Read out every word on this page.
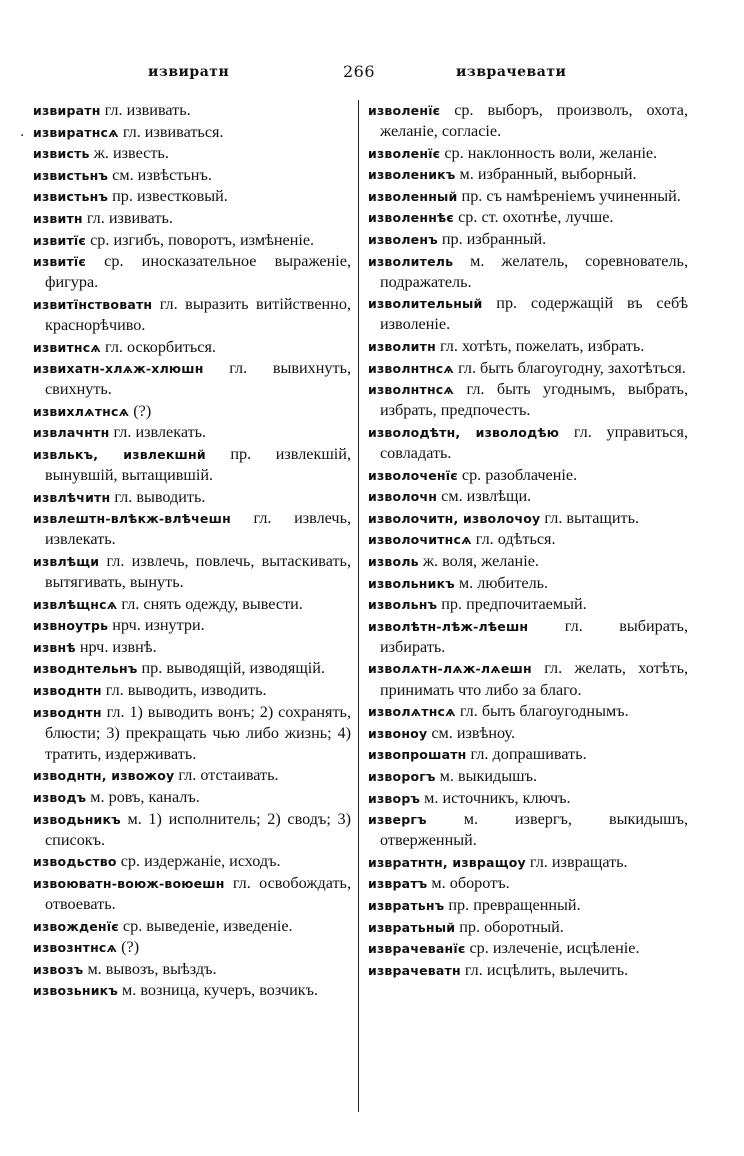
извиратн	266	изврачевати
·
извиратн гл. извивать.
извиратнсѧ гл. извиваться.
извисть ж. известь.
извистьнъ см. извѣстьнъ.
извистьнъ пр. известковый.
извитн гл. извивать.
извитїє ср. изгибъ, поворотъ, измѣненіе.
извитїє ср. иносказательное выраженіе, фигура.
извитїнствоватн гл. выразить витійственно, краснорѣчиво.
извитнсѧ гл. оскорбиться.
извихатн-хлѧж-хлюшн гл. вывихнуть, свихнуть.
извихлѧтнсѧ (?)
извлачнтн гл. извлекать.
извлькъ, извлекшнй пр. извлекшій, вынувшій, вытащившій.
извлѣчитн гл. выводить.
извлештн-влѣкж-влѣчешн гл. извлечь, извлекать.
извлѣщи гл. извлечь, повлечь, вытаскивать, вытягивать, вынуть.
извлѣщнсѧ гл. снять одежду, вывести.
извноутрь нрч. изнутри.
извнѣ нрч. извнѣ.
изводнтельнъ пр. выводящій, изводящій.
изводнтн гл. выводить, изводить.
изводнтн гл. 1) выводить вонъ; 2) сохранять, блюсти; 3) прекращать чью либо жизнь; 4) тратить, издерживать.
изводнтн, извожоу гл. отстаивать.
изводъ м. ровъ, каналъ.
изводьникъ м. 1) исполнитель; 2) сводъ; 3) списокъ.
изводьство ср. издержаніе, исходъ.
извоюватн-воюж-воюешн гл. освобождать, отвоевать.
извожденїє ср. выведеніе, изведеніе.
извознтнсѧ (?)
извозъ м. вывозъ, выѣздъ.
извозьникъ м. возница, кучеръ, возчикъ.
изволенїє ср. выборъ, произволъ, охота, желаніе, согласіе.
изволенїє ср. наклонность воли, желаніе.
изволеникъ м. избранный, выборный.
изволенный пр. съ намѣреніемъ учиненный.
изволеннѣє ср. ст. охотнѣе, лучше.
изволенъ пр. избранный.
изволитель м. желатель, соревнователь, подражатель.
изволительный пр. содержащій въ себѣ изволеніе.
изволитн гл. хотѣть, пожелать, избрать.
изволнтнсѧ гл. быть благоугодну, захотѣться.
изволнтнсѧ гл. быть угоднымъ, выбрать, избрать, предпочесть.
изволодѣтн, изволодѣю гл. управиться, совладать.
изволоченїє ср. разоблаченіе.
изволочн см. извлѣщи.
изволочитн, изволочоу гл. вытащить.
изволочитнсѧ гл. одѣться.
изволь ж. воля, желаніе.
извольникъ м. любитель.
извольнъ пр. предпочитаемый.
изволѣтн-лѣж-лѣешн гл. выбирать, избирать.
изволѧтн-лѧж-лѧешн гл. желать, хотѣть, принимать что либо за благо.
изволѧтнсѧ гл. быть благоугоднымъ.
извоноу см. извѣноу.
извопрошатн гл. допрашивать.
изворогъ м. выкидышъ.
изворъ м. источникъ, ключъ.
извергъ м. извергъ, выкидышъ, отверженный.
извратнтн, извращоу гл. извращать.
извратъ м. оборотъ.
извратьнъ пр. превращенный.
извратьный пр. оборотный.
изврачеванїє ср. излеченіе, исцѣленіе.
изврачеватн гл. исцѣлить, вылечить.
